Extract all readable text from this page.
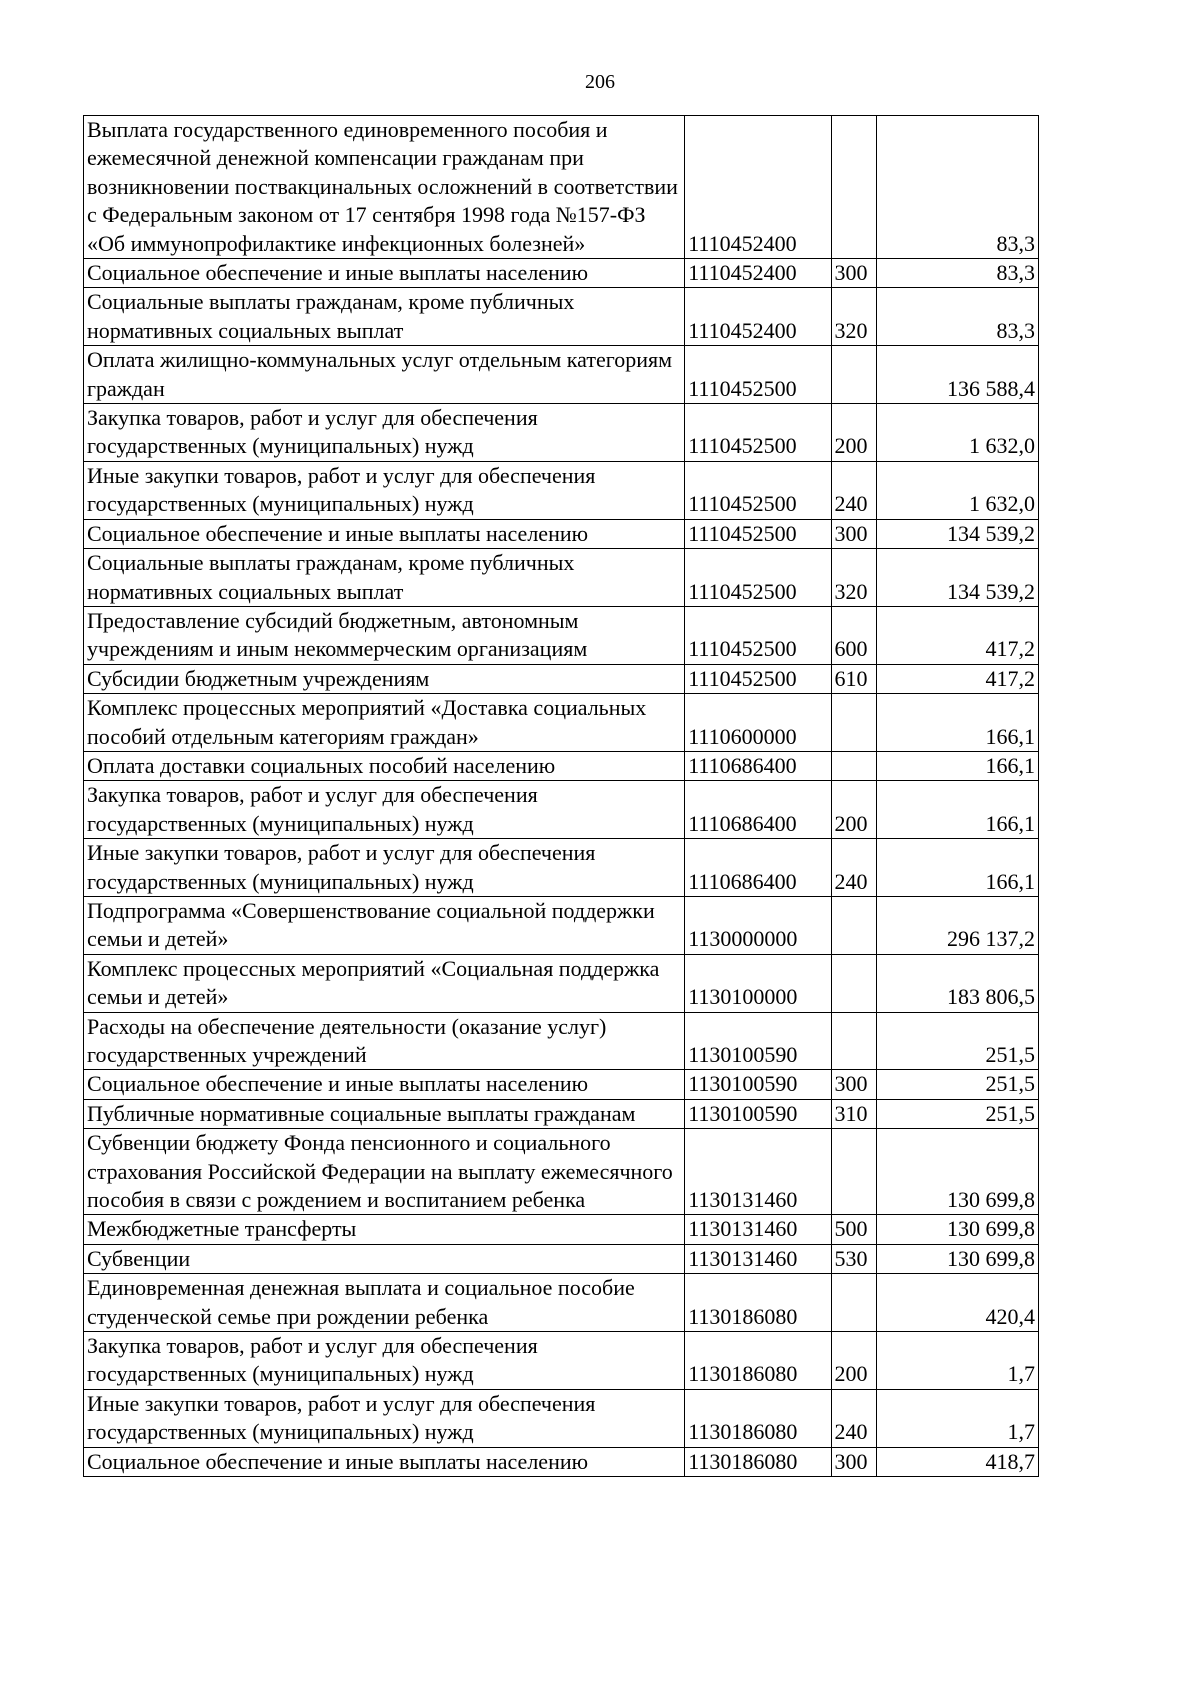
206
Выплата государственного единовременного пособия и ежемесячной денежной компенсации гражданам при возникновении поствакцинальных осложнений в соответствии с Федеральным законом от 17 сентября 1998 года №157-ФЗ «Об иммунопрофилактике инфекционных болезней»	1110452400		83,3
Социальное обеспечение и иные выплаты населению	1110452400	300	83,3
Социальные выплаты гражданам, кроме публичных нормативных социальных выплат	1110452400	320	83,3
Оплата жилищно-коммунальных услуг отдельным категориям граждан	1110452500		136 588,4
Закупка товаров, работ и услуг для обеспечения государственных (муниципальных) нужд	1110452500	200	1 632,0
Иные закупки товаров, работ и услуг для обеспечения государственных (муниципальных) нужд	1110452500	240	1 632,0
Социальное обеспечение и иные выплаты населению	1110452500	300	134 539,2
Социальные выплаты гражданам, кроме публичных нормативных социальных выплат	1110452500	320	134 539,2
Предоставление субсидий бюджетным, автономным учреждениям и иным некоммерческим организациям	1110452500	600	417,2
Субсидии бюджетным учреждениям	1110452500	610	417,2
Комплекс процессных мероприятий «Доставка социальных пособий отдельным категориям граждан»	1110600000		166,1
Оплата доставки социальных пособий населению	1110686400		166,1
Закупка товаров, работ и услуг для обеспечения государственных (муниципальных) нужд	1110686400	200	166,1
Иные закупки товаров, работ и услуг для обеспечения государственных (муниципальных) нужд	1110686400	240	166,1
Подпрограмма «Совершенствование социальной поддержки семьи и детей»	1130000000		296 137,2
Комплекс процессных мероприятий «Социальная поддержка семьи и детей»	1130100000		183 806,5
Расходы на обеспечение деятельности (оказание услуг) государственных учреждений	1130100590		251,5
Социальное обеспечение и иные выплаты населению	1130100590	300	251,5
Публичные нормативные социальные выплаты гражданам	1130100590	310	251,5
Субвенции бюджету Фонда пенсионного и социального страхования Российской Федерации на выплату ежемесячного пособия в связи с рождением и воспитанием ребенка	1130131460		130 699,8
Межбюджетные трансферты	1130131460	500	130 699,8
Субвенции	1130131460	530	130 699,8
Единовременная денежная выплата и социальное пособие студенческой семье при рождении ребенка	1130186080		420,4
Закупка товаров, работ и услуг для обеспечения государственных (муниципальных) нужд	1130186080	200	1,7
Иные закупки товаров, работ и услуг для обеспечения государственных (муниципальных) нужд	1130186080	240	1,7
Социальное обеспечение и иные выплаты населению	1130186080	300	418,7
